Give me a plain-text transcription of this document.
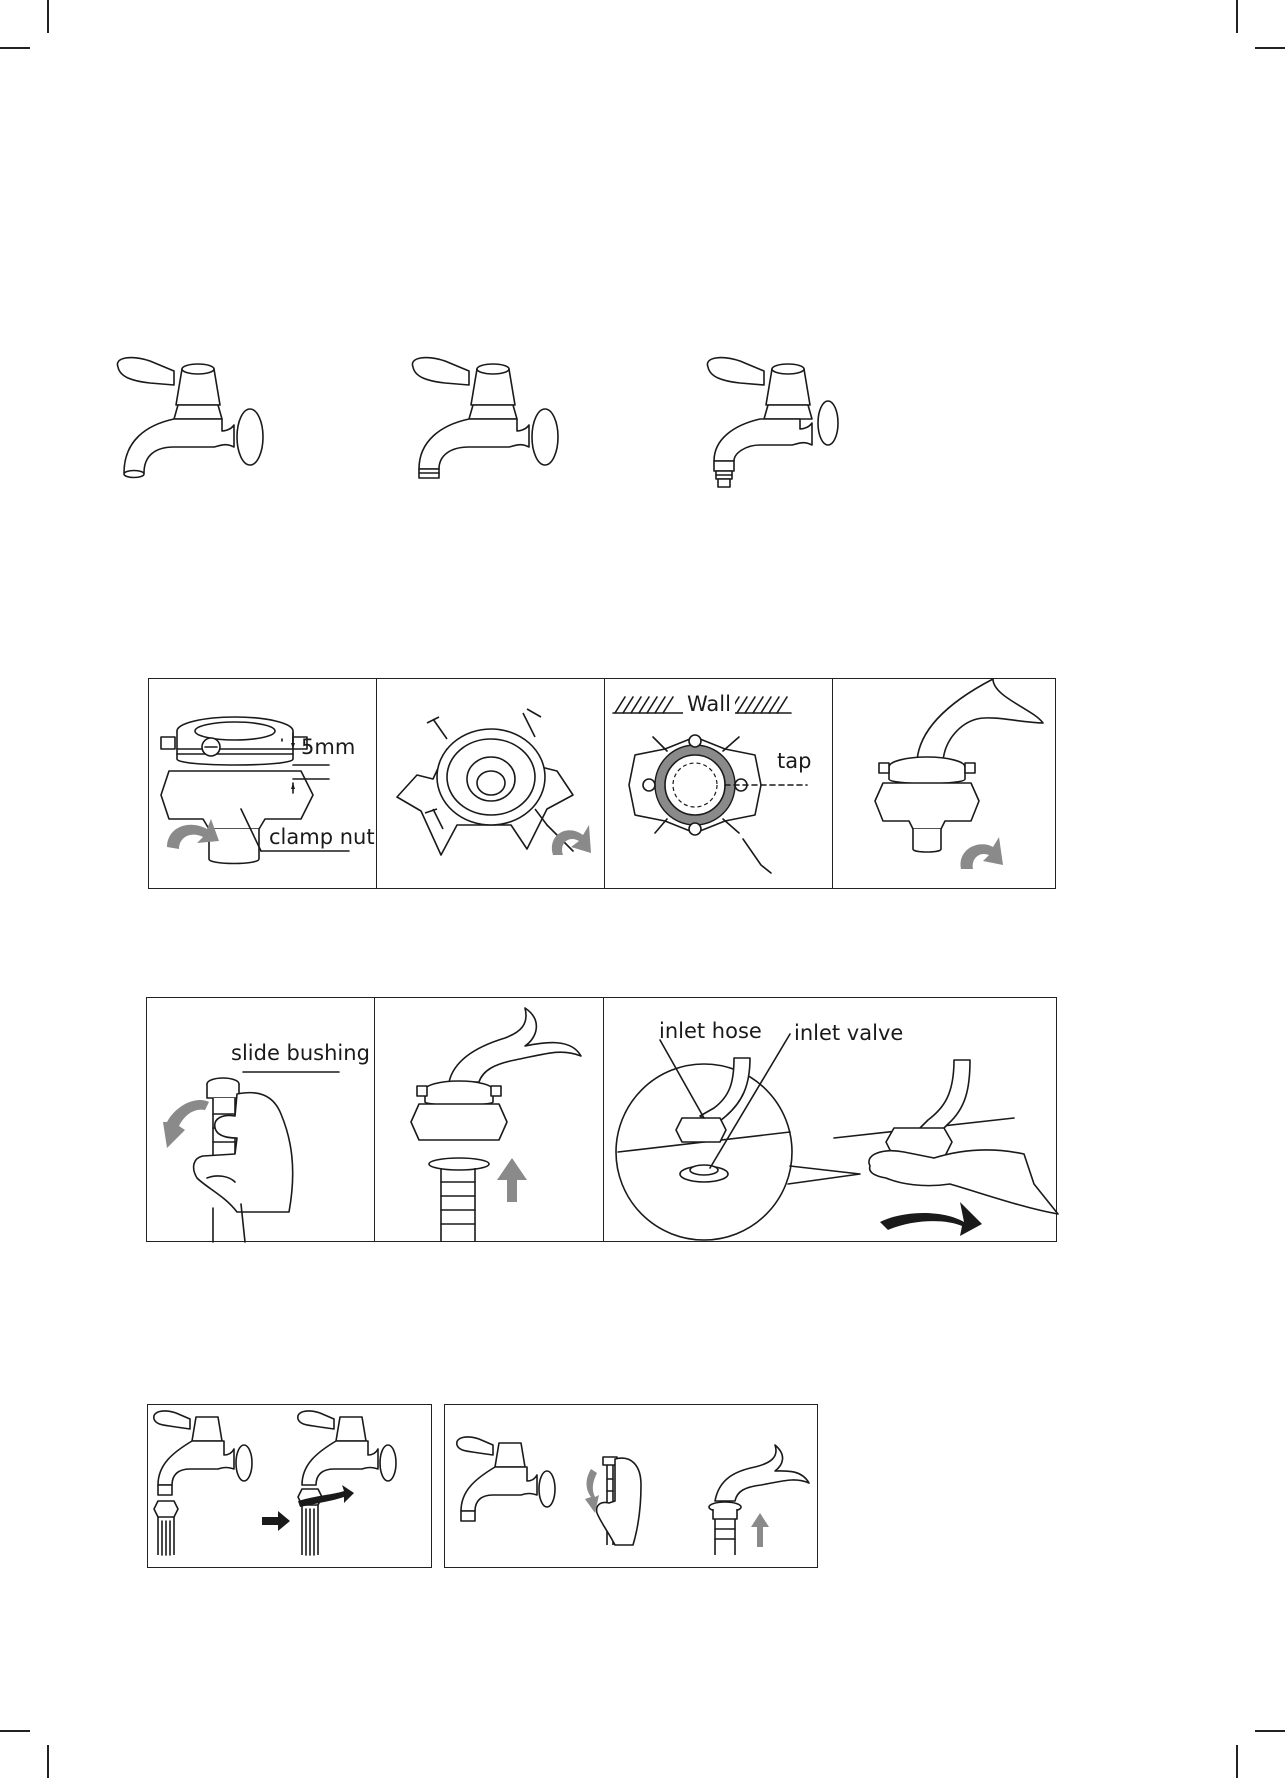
5mm
clamp nut
Wall
tap
slide bushing
inlet hose inlet valve
